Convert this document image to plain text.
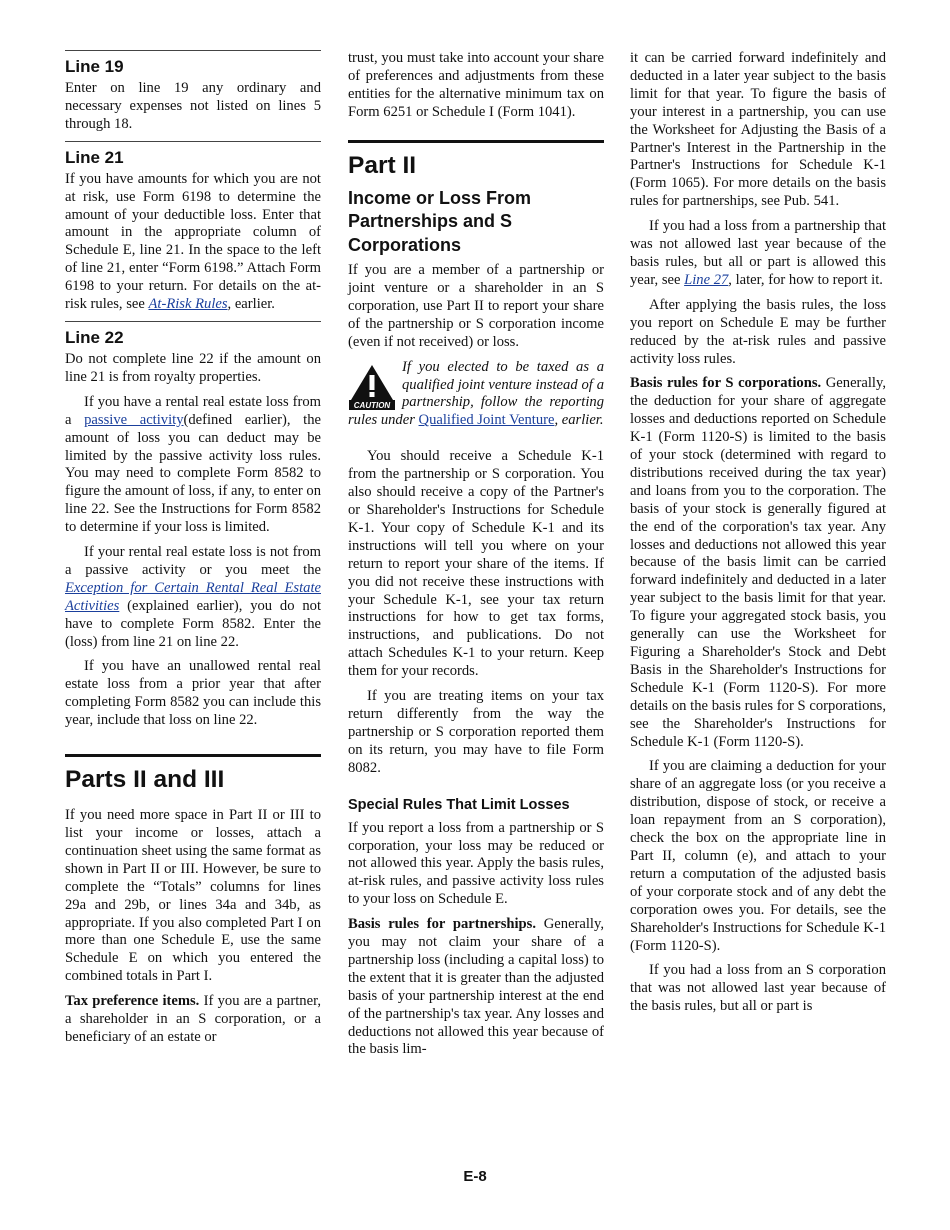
Line 19

Enter on line 19 any ordinary and necessary expenses not listed on lines 5 through 18.

Line 21

If you have amounts for which you are not at risk, use Form 6198 to determine the amount of your deductible loss. Enter that amount in the appropriate column of Schedule E, line 21. In the space to the left of line 21, enter “Form 6198.” Attach Form 6198 to your return. For details on the at-risk rules, see At-Risk Rules, earlier.

Line 22

Do not complete line 22 if the amount on line 21 is from royalty properties.

If you have a rental real estate loss from a passive activity(defined earlier), the amount of loss you can deduct may be limited by the passive activity loss rules. You may need to complete Form 8582 to figure the amount of loss, if any, to enter on line 22. See the Instructions for Form 8582 to determine if your loss is limited.

If your rental real estate loss is not from a passive activity or you meet the Exception for Certain Rental Real Estate Activities (explained earlier), you do not have to complete Form 8582. Enter the (loss) from line 21 on line 22.

If you have an unallowed rental real estate loss from a prior year that after completing Form 8582 you can include this year, include that loss on line 22.

Parts II and III

If you need more space in Part II or III to list your income or losses, attach a continuation sheet using the same format as shown in Part II or III. However, be sure to complete the “Totals” columns for lines 29a and 29b, or lines 34a and 34b, as appropriate. If you also completed Part I on more than one Schedule E, use the same Schedule E on which you entered the combined totals in Part I.

Tax preference items. If you are a partner, a shareholder in an S corporation, or a beneficiary of an estate or

trust, you must take into account your share of preferences and adjustments from these entities for the alternative minimum tax on Form 6251 or Schedule I (Form 1041).

Part II
Income or Loss From Partnerships and S Corporations

If you are a member of a partnership or joint venture or a shareholder in an S corporation, use Part II to report your share of the partnership or S corporation income (even if not received) or loss.

CAUTION
If you elected to be taxed as a qualified joint venture instead of a partnership, follow the reporting rules under Qualified Joint Venture, earlier.

You should receive a Schedule K-1 from the partnership or S corporation. You also should receive a copy of the Partner's or Shareholder's Instructions for Schedule K-1. Your copy of Schedule K-1 and its instructions will tell you where on your return to report your share of the items. If you did not receive these instructions with your Schedule K-1, see your tax return instructions for how to get tax forms, instructions, and publications. Do not attach Schedules K-1 to your return. Keep them for your records.

If you are treating items on your tax return differently from the way the partnership or S corporation reported them on its return, you may have to file Form 8082.

Special Rules That Limit Losses

If you report a loss from a partnership or S corporation, your loss may be reduced or not allowed this year. Apply the basis rules, at-risk rules, and passive activity loss rules to your loss on Schedule E.

Basis rules for partnerships. Generally, you may not claim your share of a partnership loss (including a capital loss) to the extent that it is greater than the adjusted basis of your partnership interest at the end of the partnership's tax year. Any losses and deductions not allowed this year because of the basis lim-

it can be carried forward indefinitely and deducted in a later year subject to the basis limit for that year. To figure the basis of your interest in a partnership, you can use the Worksheet for Adjusting the Basis of a Partner's Interest in the Partnership in the Partner's Instructions for Schedule K-1 (Form 1065). For more details on the basis rules for partnerships, see Pub. 541.

If you had a loss from a partnership that was not allowed last year because of the basis rules, but all or part is allowed this year, see Line 27, later, for how to report it.

After applying the basis rules, the loss you report on Schedule E may be further reduced by the at-risk rules and passive activity loss rules.

Basis rules for S corporations. Generally, the deduction for your share of aggregate losses and deductions reported on Schedule K-1 (Form 1120-S) is limited to the basis of your stock (determined with regard to distributions received during the tax year) and loans from you to the corporation. The basis of your stock is generally figured at the end of the corporation's tax year. Any losses and deductions not allowed this year because of the basis limit can be carried forward indefinitely and deducted in a later year subject to the basis limit for that year. To figure your aggregated stock basis, you generally can use the Worksheet for Figuring a Shareholder's Stock and Debt Basis in the Shareholder's Instructions for Schedule K-1 (Form 1120-S). For more details on the basis rules for S corporations, see the Shareholder's Instructions for Schedule K-1 (Form 1120-S).

If you are claiming a deduction for your share of an aggregate loss (or you receive a distribution, dispose of stock, or receive a loan repayment from an S corporation), check the box on the appropriate line in Part II, column (e), and attach to your return a computation of the adjusted basis of your corporate stock and of any debt the corporation owes you. For details, see the Shareholder's Instructions for Schedule K-1 (Form 1120-S).

If you had a loss from an S corporation that was not allowed last year because of the basis rules, but all or part is

E-8
